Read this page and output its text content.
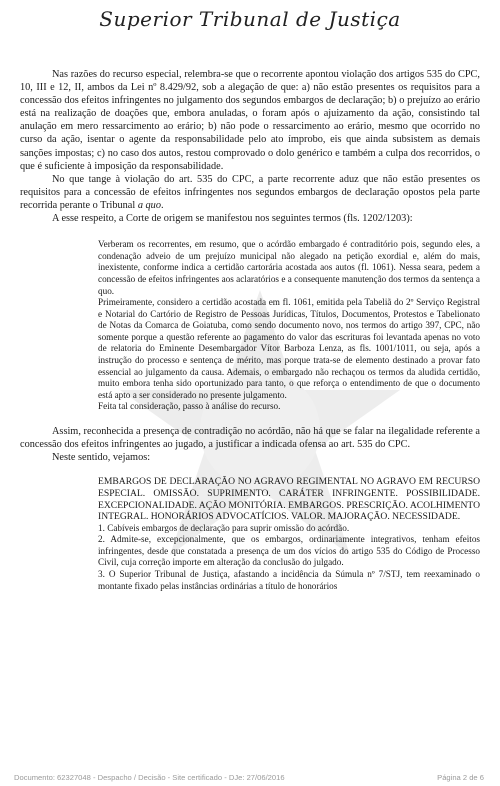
Superior Tribunal de Justiça

Nas razões do recurso especial, relembra-se que o recorrente apontou violação dos artigos 535 do CPC, 10, III e 12, II, ambos da Lei nº 8.429/92, sob a alegação de que: a) não estão presentes os requisitos para a concessão dos efeitos infringentes no julgamento dos segundos embargos de declaração; b) o prejuízo ao erário está na realização de doações que, embora anuladas, o foram após o ajuizamento da ação, consistindo tal anulação em mero ressarcimento ao erário; b) não pode o ressarcimento ao erário, mesmo que ocorrido no curso da ação, isentar o agente da responsabilidade pelo ato ímprobo, eis que ainda subsistem as demais sanções impostas; c) no caso dos autos, restou comprovado o dolo genérico e também a culpa dos recorridos, o que é suficiente à imposição da responsabilidade.

No que tange à violação do art. 535 do CPC, a parte recorrente aduz que não estão presentes os requisitos para a concessão de efeitos infringentes nos segundos embargos de declaração opostos pela parte recorrida perante o Tribunal a quo.

A esse respeito, a Corte de origem se manifestou nos seguintes termos (fls. 1202/1203):

Verberam os recorrentes, em resumo, que o acórdão embargado é contraditório pois, segundo eles, a condenação adveio de um prejuízo municipal não alegado na petição exordial e, além do mais, inexistente, conforme indica a certidão cartorária acostada aos autos (fl. 1061). Nessa seara, pedem a concessão de efeitos infringentes aos aclaratórios e a consequente manutenção dos termos da sentença a quo.

Primeiramente, considero a certidão acostada em fl. 1061, emitida pela Tabeliã do 2º Serviço Registral e Notarial do Cartório de Registro de Pessoas Jurídicas, Títulos, Documentos, Protestos e Tabelionato de Notas da Comarca de Goiatuba, como sendo documento novo, nos termos do artigo 397, CPC, não somente porque a questão referente ao pagamento do valor das escrituras foi levantada apenas no voto de relatoria do Eminente Desembargador Vítor Barboza Lenza, as fls. 1001/1011, ou seja, após a instrução do processo e sentença de mérito, mas porque trata-se de elemento destinado a provar fato essencial ao julgamento da causa. Ademais, o embargado não rechaçou os termos da aludida certidão, muito embora tenha sido oportunizado para tanto, o que reforça o entendimento de que o documento está apto a ser considerado no presente julgamento.

Feita tal consideração, passo à análise do recurso.

Assim, reconhecida a presença de contradição no acórdão, não há que se falar na ilegalidade referente a concessão dos efeitos infringentes ao jugado, a justificar a indicada ofensa ao art. 535 do CPC.

Neste sentido, vejamos:

EMBARGOS DE DECLARAÇÃO NO AGRAVO REGIMENTAL NO AGRAVO EM RECURSO ESPECIAL. OMISSÃO. SUPRIMENTO. CARÁTER INFRINGENTE. POSSIBILIDADE. EXCEPCIONALIDADE. AÇÃO MONITÓRIA. EMBARGOS. PRESCRIÇÃO. ACOLHIMENTO INTEGRAL. HONORÁRIOS ADVOCATÍCIOS. VALOR. MAJORAÇÃO. NECESSIDADE.

1. Cabíveis embargos de declaração para suprir omissão do acórdão.

2. Admite-se, excepcionalmente, que os embargos, ordinariamente integrativos, tenham efeitos infringentes, desde que constatada a presença de um dos vícios do artigo 535 do Código de Processo Civil, cuja correção importe em alteração da conclusão do julgado.

3. O Superior Tribunal de Justiça, afastando a incidência da Súmula nº 7/STJ, tem reexaminado o montante fixado pelas instâncias ordinárias a título de honorários

Documento: 62327048 - Despacho / Decisão - Site certificado - DJe: 27/06/2016	Página 2 de 6
